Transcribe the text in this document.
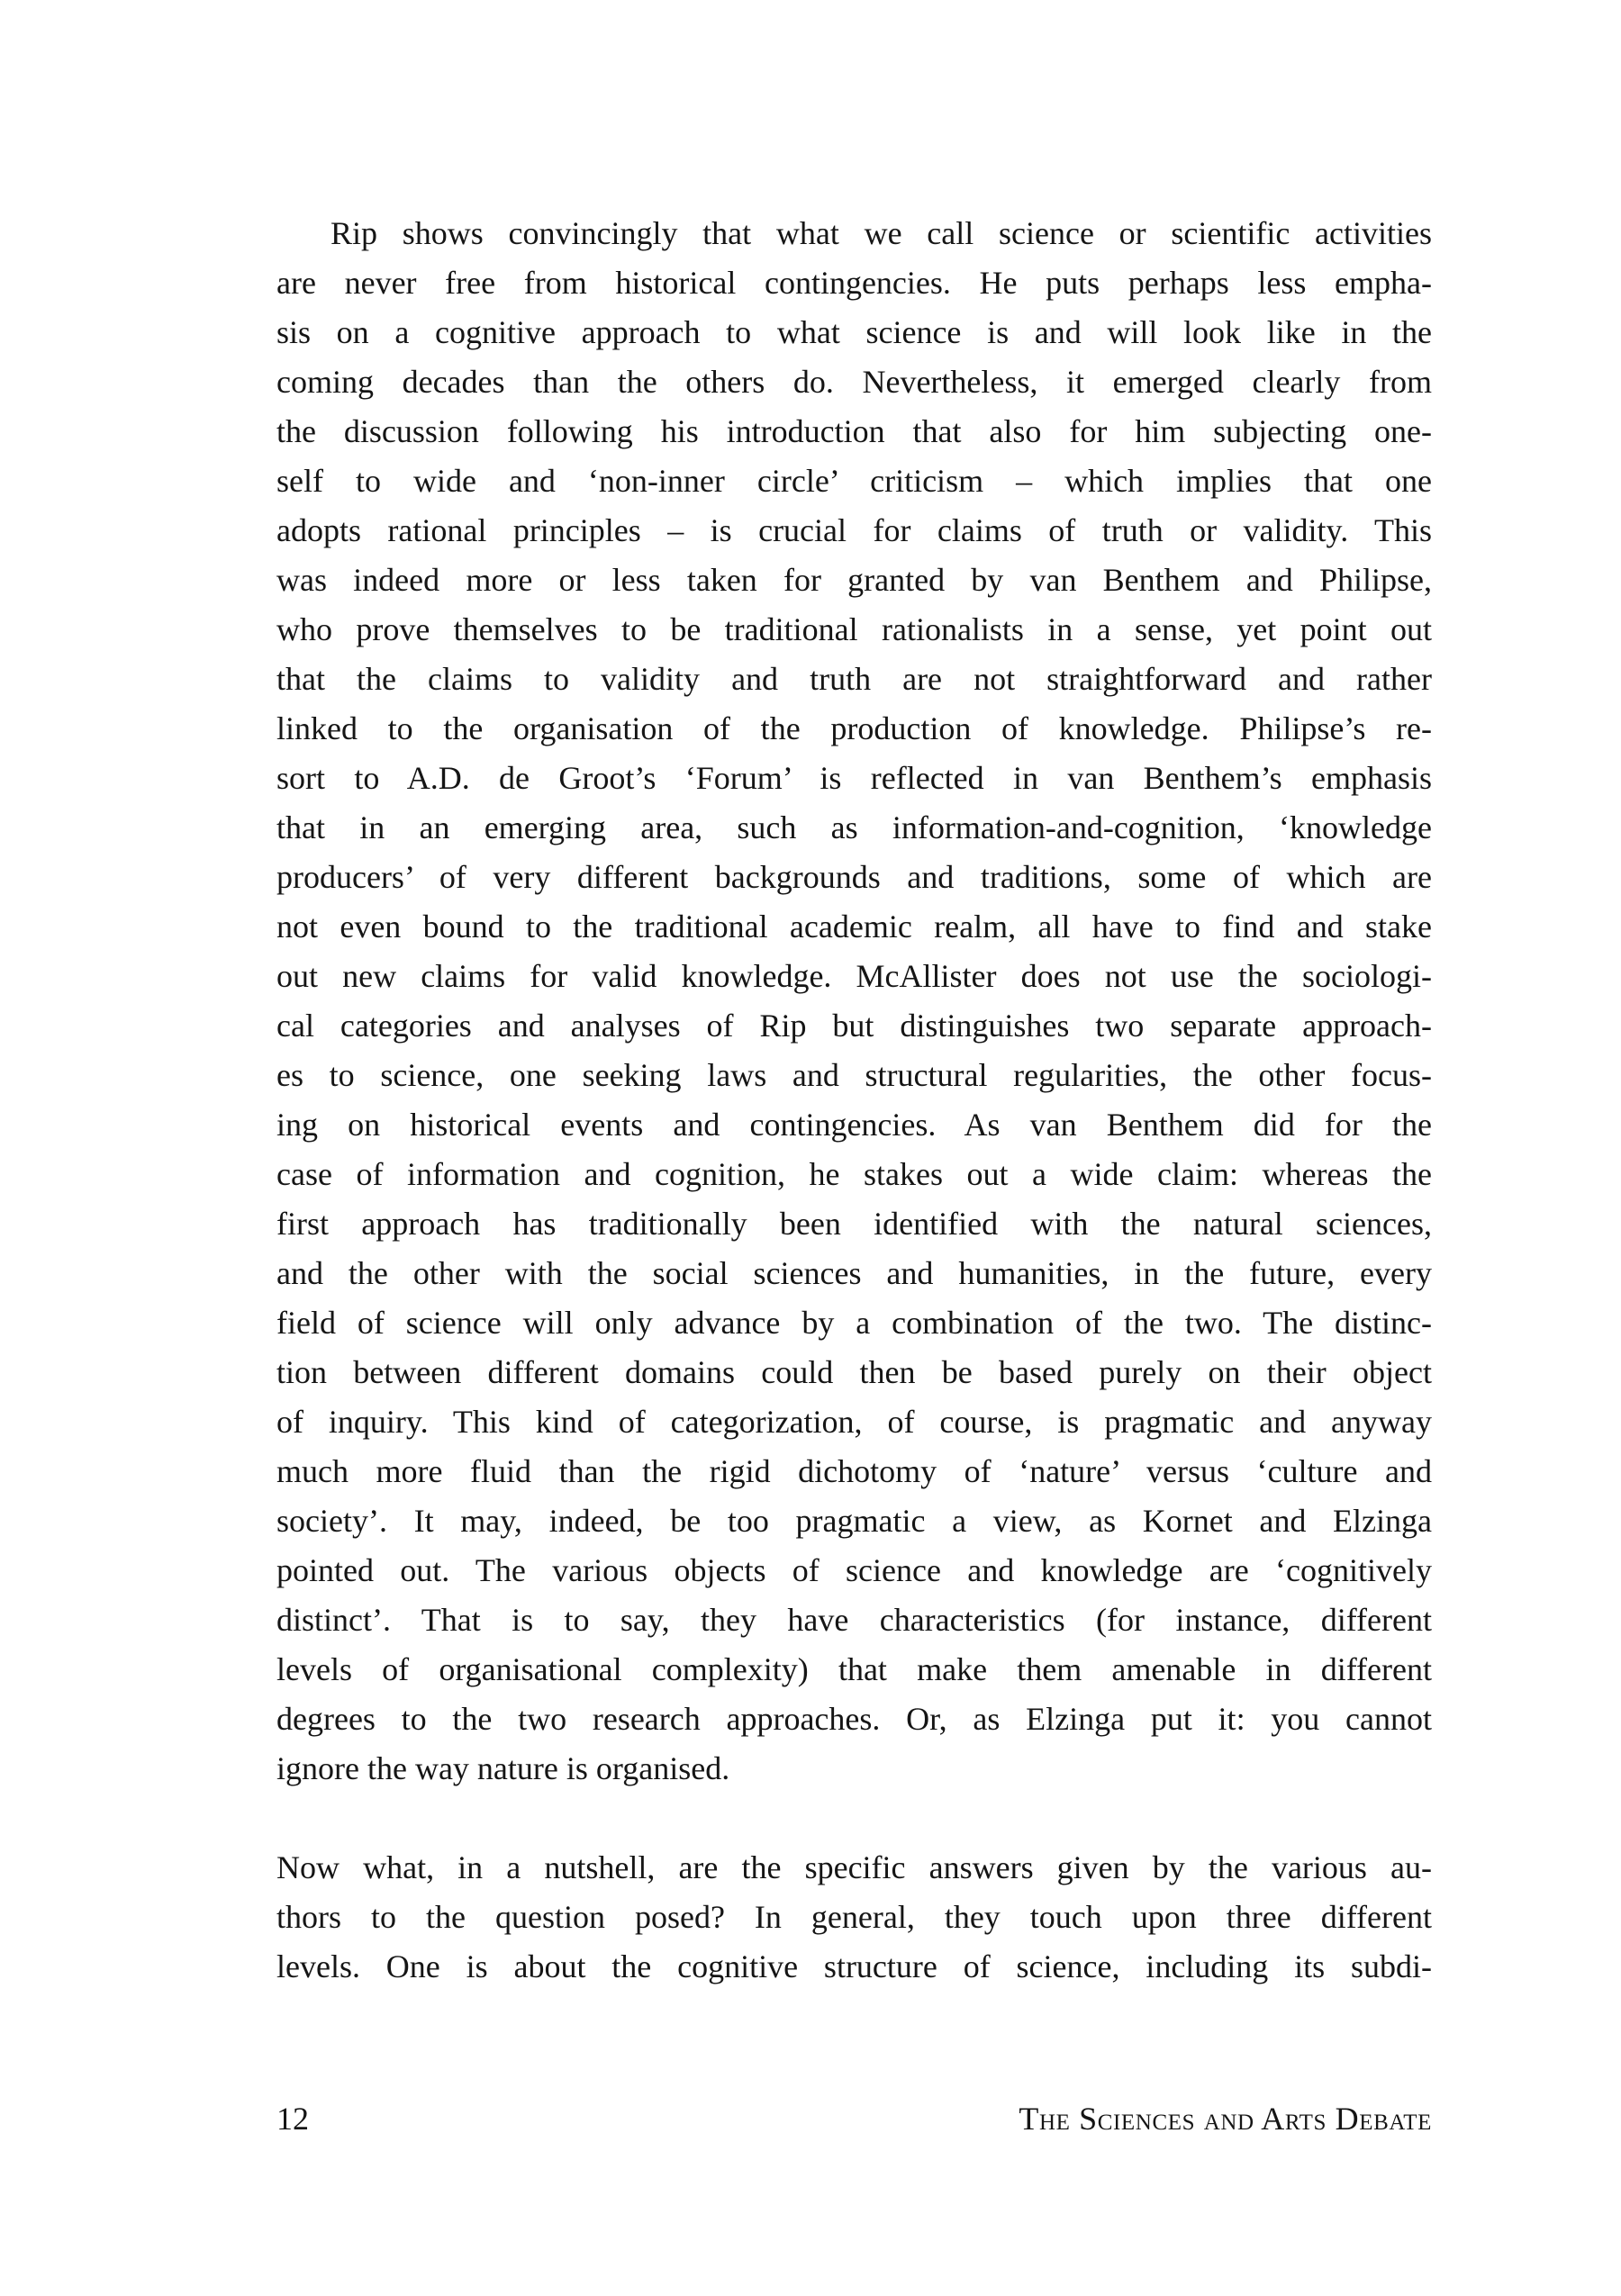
Rip shows convincingly that what we call science or scientific activities
are never free from historical contingencies. He puts perhaps less empha-
sis on a cognitive approach to what science is and will look like in the
coming decades than the others do. Nevertheless, it emerged clearly from
the discussion following his introduction that also for him subjecting one-
self to wide and ‘non-inner circle’ criticism – which implies that one
adopts rational principles – is crucial for claims of truth or validity. This
was indeed more or less taken for granted by van Benthem and Philipse,
who prove themselves to be traditional rationalists in a sense, yet point out
that the claims to validity and truth are not straightforward and rather
linked to the organisation of the production of knowledge. Philipse’s re-
sort to A.D. de Groot’s ‘Forum’ is reflected in van Benthem’s emphasis
that in an emerging area, such as information-and-cognition, ‘knowledge
producers’ of very different backgrounds and traditions, some of which are
not even bound to the traditional academic realm, all have to find and stake
out new claims for valid knowledge. McAllister does not use the sociologi-
cal categories and analyses of Rip but distinguishes two separate approach-
es to science, one seeking laws and structural regularities, the other focus-
ing on historical events and contingencies. As van Benthem did for the
case of information and cognition, he stakes out a wide claim: whereas the
first approach has traditionally been identified with the natural sciences,
and the other with the social sciences and humanities, in the future, every
field of science will only advance by a combination of the two. The distinc-
tion between different domains could then be based purely on their object
of inquiry. This kind of categorization, of course, is pragmatic and anyway
much more fluid than the rigid dichotomy of ‘nature’ versus ‘culture and
society’. It may, indeed, be too pragmatic a view, as Kornet and Elzinga
pointed out. The various objects of science and knowledge are ‘cognitively
distinct’. That is to say, they have characteristics (for instance, different
levels of organisational complexity) that make them amenable in different
degrees to the two research approaches. Or, as Elzinga put it: you cannot
ignore the way nature is organised.
Now what, in a nutshell, are the specific answers given by the various au-
thors to the question posed? In general, they touch upon three different
levels. One is about the cognitive structure of science, including its subdi-
12	The Sciences and Arts Debate
